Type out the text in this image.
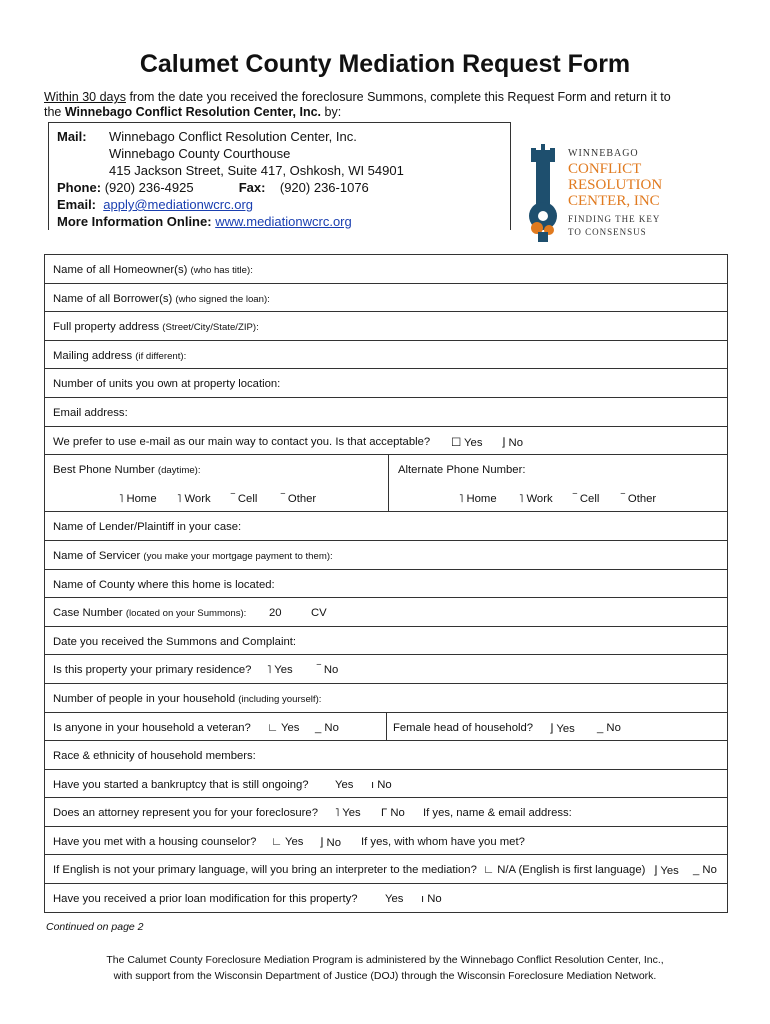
Calumet County Mediation Request Form
Within 30 days from the date you received the foreclosure Summons, complete this Request Form and return it to
the Winnebago Conflict Resolution Center, Inc. by:
Mail: Winnebago Conflict Resolution Center, Inc.
Winnebago County Courthouse
415 Jackson Street, Suite 417, Oshkosh, WI 54901
Phone: (920) 236-4925	Fax: (920) 236-1076
Email: apply@mediationwcrc.org
More Information Online: www.mediationwcrc.org
WINNEBAGO
CONFLICT
RESOLUTION
CENTER, INC
FINDING THE KEY
TO CONSENSUS
Name of all Homeowner(s) (who has title):
Name of all Borrower(s) (who signed the loan):
Full property address (Street/City/State/ZIP):
Mailing address (if different):
Number of units you own at property location:
Email address:
We prefer to use e-mail as our main way to contact you. Is that acceptable? ☐ Yes ⌋ No
Best Phone Number (daytime):	Alternate Phone Number:
˥ Home ˥ Work ‾ Cell ‾ Other	˥ Home ˥ Work ‾ Cell ‾ Other
Name of Lender/Plaintiff in your case:
Name of Servicer (you make your mortgage payment to them):
Name of County where this home is located:
Case Number (located on your Summons): 20	CV
Date you received the Summons and Complaint:
Is this property your primary residence? ˥ Yes ‾ No
Number of people in your household (including yourself):
Is anyone in your household a veteran? ∟ Yes _ No	Female head of household? ⌋ Yes _ No
Race & ethnicity of household members:
Have you started a bankruptcy that is still ongoing? Yes ı No
Does an attorney represent you for your foreclosure? ˥ Yes Γ No If yes, name & email address:
Have you met with a housing counselor? ∟ Yes ⌋ No If yes, with whom have you met?
If English is not your primary language, will you bring an interpreter to the mediation? ∟ N/A (English is first language) ⌋ Yes _ No
Have you received a prior loan modification for this property? Yes ı No
Continued on page 2
The Calumet County Foreclosure Mediation Program is administered by the Winnebago Conflict Resolution Center, Inc.,
with support from the Wisconsin Department of Justice (DOJ) through the Wisconsin Foreclosure Mediation Network.
